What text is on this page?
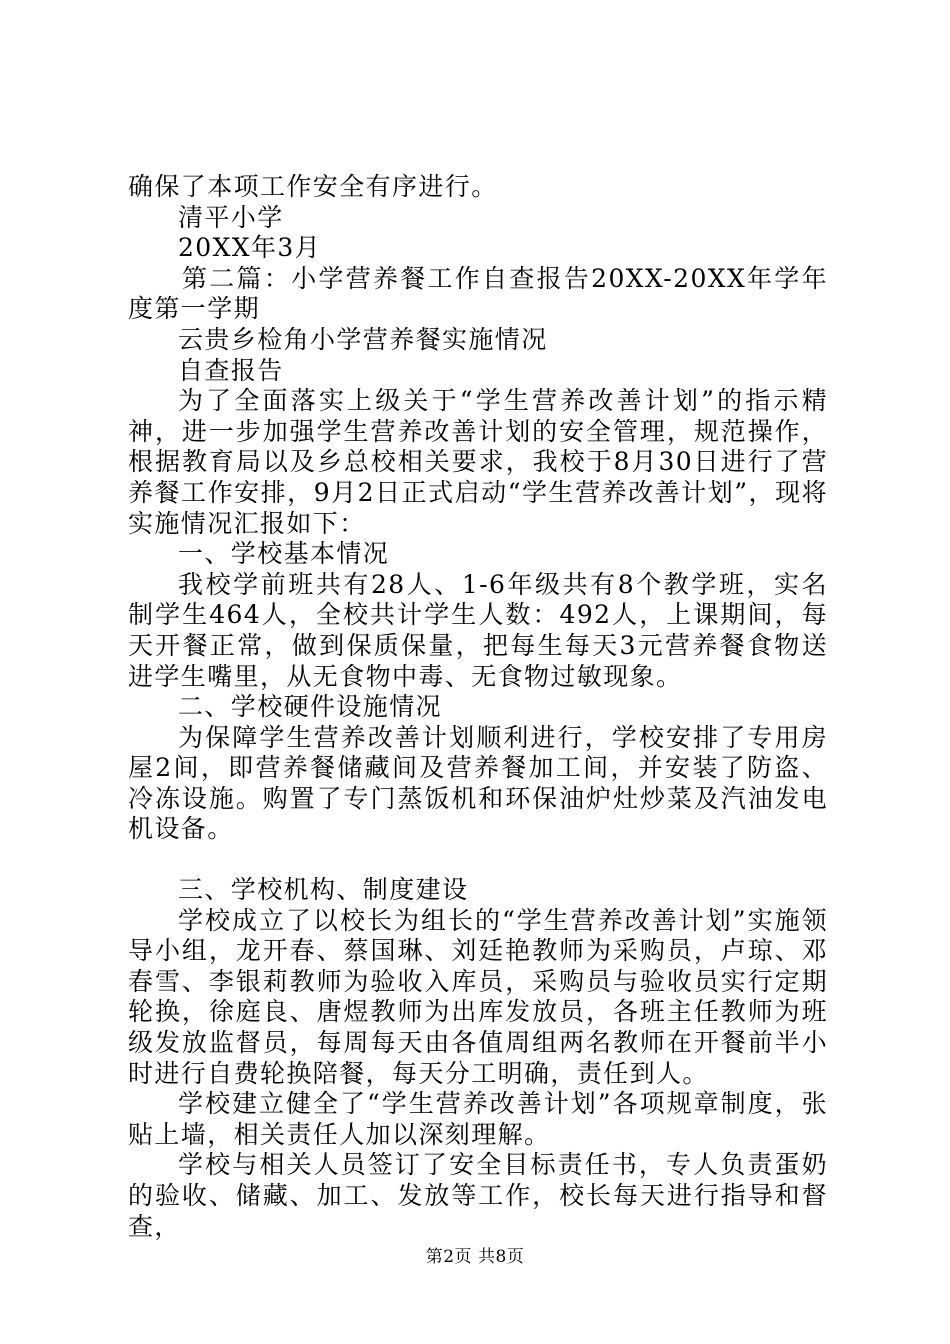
确保了本项工作安全有序进行。

清平小学

20XX年3月

第二篇：小学营养餐工作自查报告20XX-20XX年学年度第一学期

云贵乡检角小学营养餐实施情况

自查报告

为了全面落实上级关于“学生营养改善计划”的指示精神，进一步加强学生营养改善计划的安全管理，规范操作，根据教育局以及乡总校相关要求，我校于8月30日进行了营养餐工作安排，9月2日正式启动“学生营养改善计划”，现将实施情况汇报如下：

一、学校基本情况

我校学前班共有28人、1-6年级共有8个教学班，实名制学生464人，全校共计学生人数：492人，上课期间，每天开餐正常，做到保质保量，把每生每天3元营养餐食物送进学生嘴里，从无食物中毒、无食物过敏现象。

二、学校硬件设施情况

为保障学生营养改善计划顺利进行，学校安排了专用房屋2间，即营养餐储藏间及营养餐加工间，并安装了防盗、冷冻设施。购置了专门蒸饭机和环保油炉灶炒菜及汽油发电机设备。

三、学校机构、制度建设

学校成立了以校长为组长的“学生营养改善计划”实施领导小组，龙开春、蔡国琳、刘廷艳教师为采购员，卢琼、邓春雪、李银莉教师为验收入库员，采购员与验收员实行定期轮换，徐庭良、唐煜教师为出库发放员，各班主任教师为班级发放监督员，每周每天由各值周组两名教师在开餐前半小时进行自费轮换陪餐，每天分工明确，责任到人。

学校建立健全了“学生营养改善计划”各项规章制度，张贴上墙，相关责任人加以深刻理解。

学校与相关人员签订了安全目标责任书，专人负责蛋奶的验收、储藏、加工、发放等工作，校长每天进行指导和督查，

第2页 共8页
